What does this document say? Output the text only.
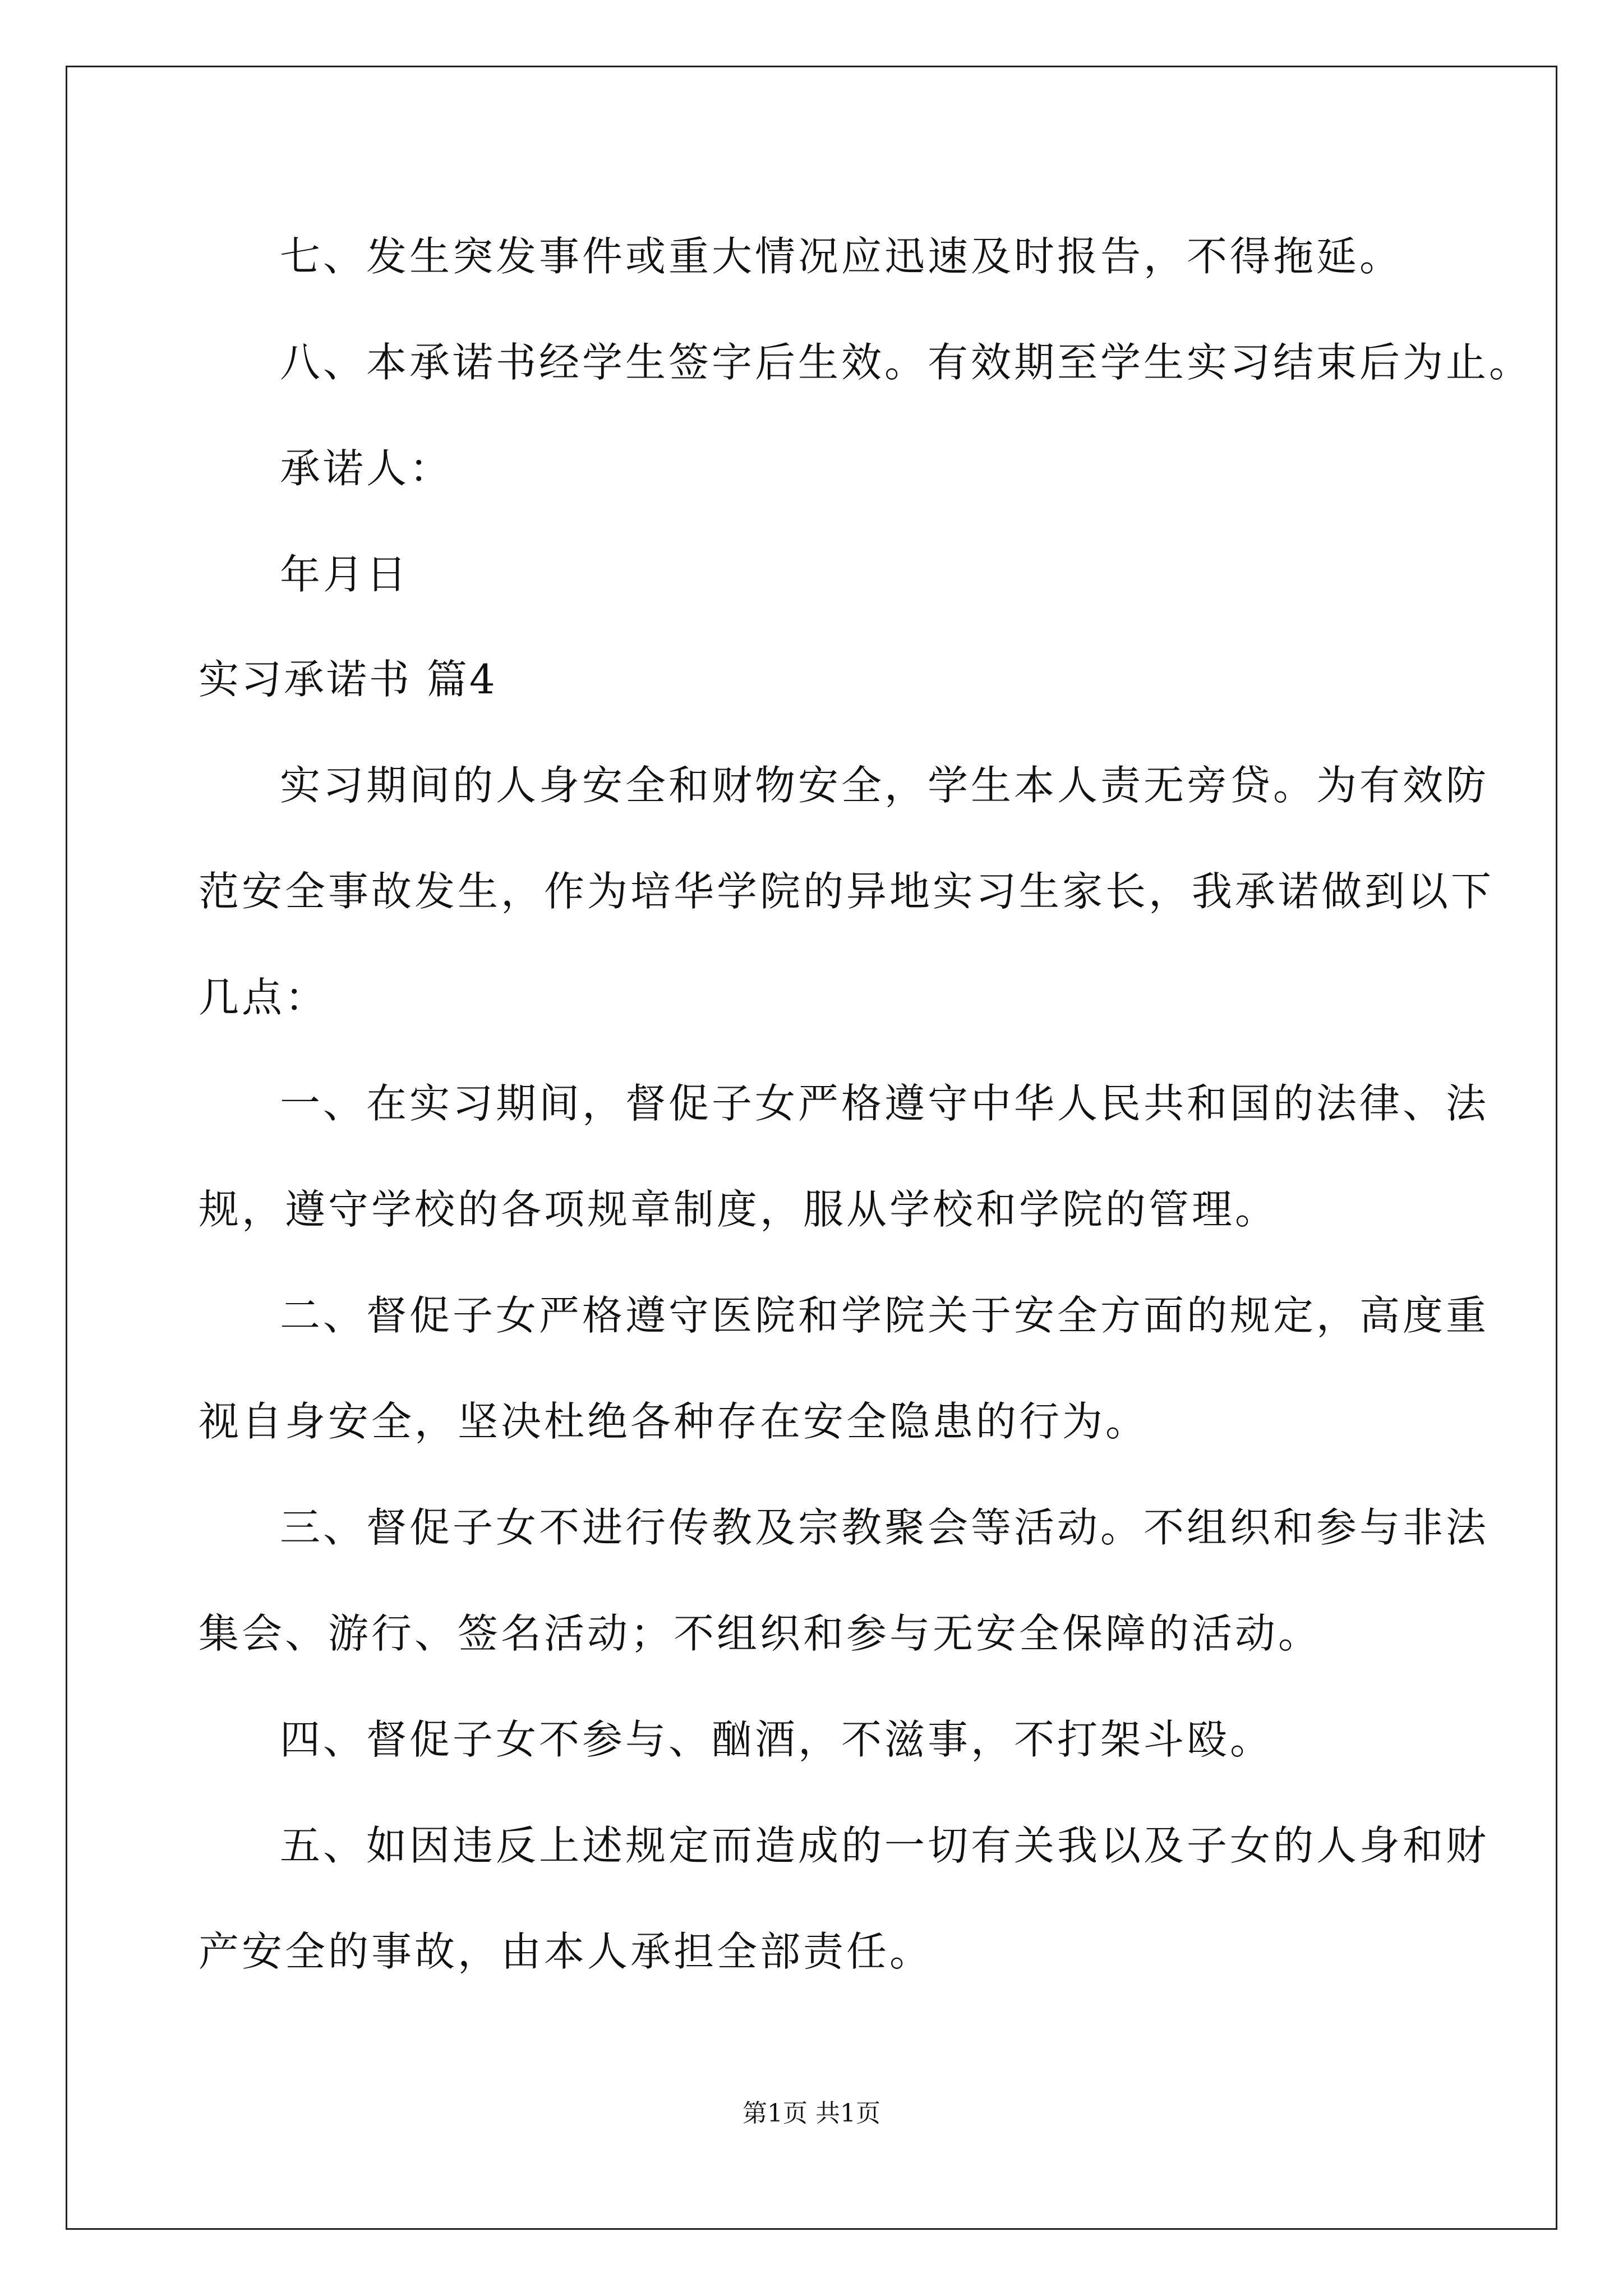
七、发生突发事件或重大情况应迅速及时报告，不得拖延。
八、本承诺书经学生签字后生效。有效期至学生实习结束后为止。
承诺人：
年月日
实习承诺书 篇4
实习期间的人身安全和财物安全，学生本人责无旁贷。为有效防
范安全事故发生，作为培华学院的异地实习生家长，我承诺做到以下
几点：
一、在实习期间，督促子女严格遵守中华人民共和国的法律、法
规，遵守学校的各项规章制度，服从学校和学院的管理。
二、督促子女严格遵守医院和学院关于安全方面的规定，高度重
视自身安全，坚决杜绝各种存在安全隐患的行为。
三、督促子女不进行传教及宗教聚会等活动。不组织和参与非法
集会、游行、签名活动；不组织和参与无安全保障的活动。
四、督促子女不参与、酗酒，不滋事，不打架斗殴。
五、如因违反上述规定而造成的一切有关我以及子女的人身和财
产安全的事故，由本人承担全部责任。
第1页 共1页
